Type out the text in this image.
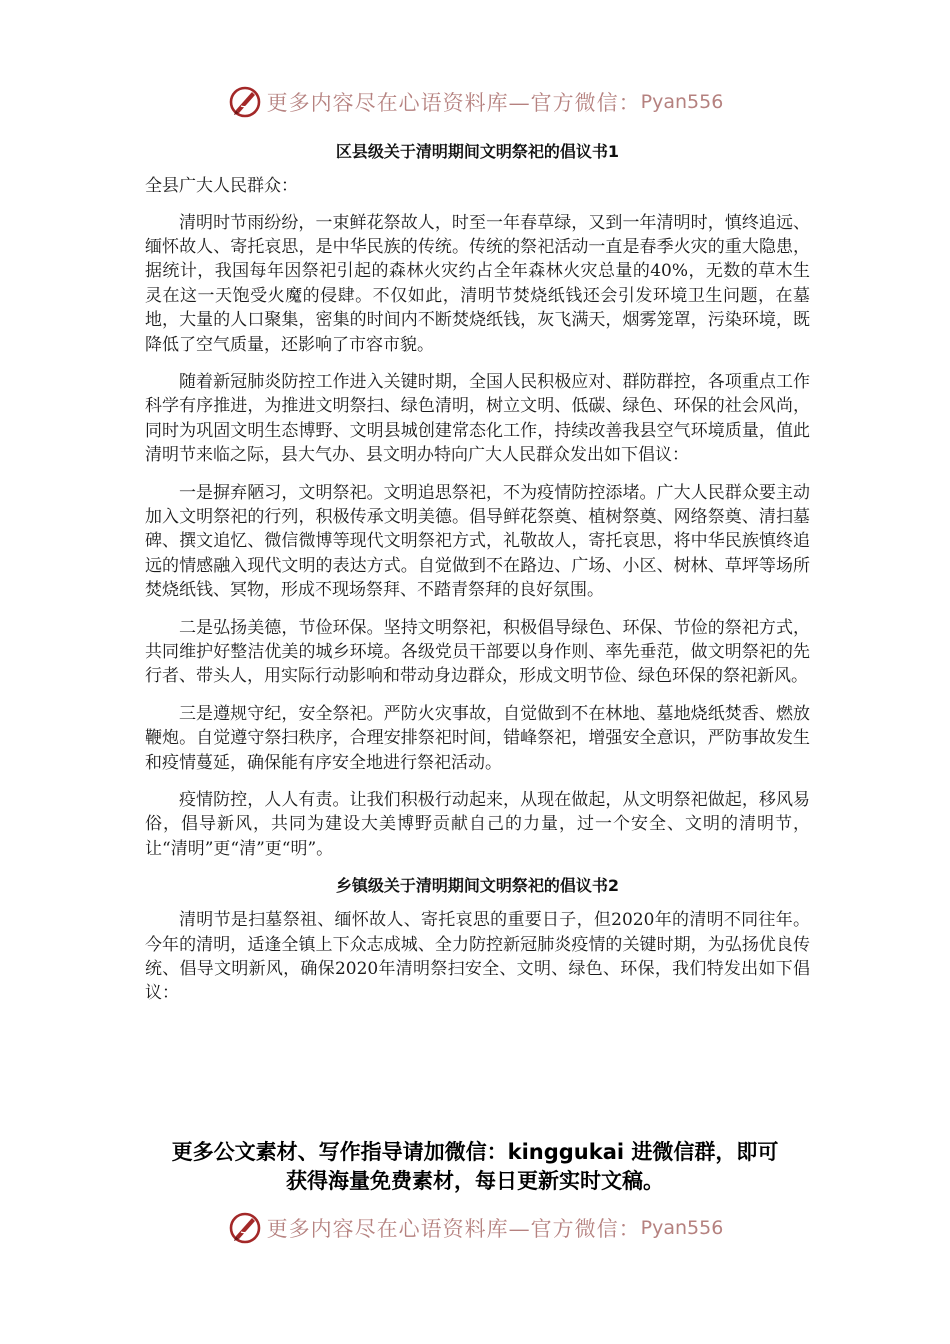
更多内容尽在心语资料库—官方微信： Pyan556
区县级关于清明期间文明祭祀的倡议书1

全县广大人民群众：

清明时节雨纷纷，一束鲜花祭故人，时至一年春草绿，又到一年清明时，慎终追远、缅怀故人、寄托哀思，是中华民族的传统。传统的祭祀活动一直是春季火灾的重大隐患，据统计，我国每年因祭祀引起的森林火灾约占全年森林火灾总量的40%，无数的草木生灵在这一天饱受火魔的侵肆。不仅如此，清明节焚烧纸钱还会引发环境卫生问题，在墓地，大量的人口聚集，密集的时间内不断焚烧纸钱，灰飞满天，烟雾笼罩，污染环境，既降低了空气质量，还影响了市容市貌。

随着新冠肺炎防控工作进入关键时期，全国人民积极应对、群防群控，各项重点工作科学有序推进，为推进文明祭扫、绿色清明，树立文明、低碳、绿色、环保的社会风尚，同时为巩固文明生态博野、文明县城创建常态化工作，持续改善我县空气环境质量，值此清明节来临之际，县大气办、县文明办特向广大人民群众发出如下倡议：

一是摒弃陋习，文明祭祀。文明追思祭祀，不为疫情防控添堵。广大人民群众要主动加入文明祭祀的行列，积极传承文明美德。倡导鲜花祭奠、植树祭奠、网络祭奠、清扫墓碑、撰文追忆、微信微博等现代文明祭祀方式，礼敬故人，寄托哀思，将中华民族慎终追远的情感融入现代文明的表达方式。自觉做到不在路边、广场、小区、树林、草坪等场所焚烧纸钱、冥物，形成不现场祭拜、不踏青祭拜的良好氛围。

二是弘扬美德，节俭环保。坚持文明祭祀，积极倡导绿色、环保、节俭的祭祀方式，共同维护好整洁优美的城乡环境。各级党员干部要以身作则、率先垂范，做文明祭祀的先行者、带头人，用实际行动影响和带动身边群众，形成文明节俭、绿色环保的祭祀新风。

三是遵规守纪，安全祭祀。严防火灾事故，自觉做到不在林地、墓地烧纸焚香、燃放鞭炮。自觉遵守祭扫秩序，合理安排祭祀时间，错峰祭祀，增强安全意识，严防事故发生和疫情蔓延，确保能有序安全地进行祭祀活动。

疫情防控，人人有责。让我们积极行动起来，从现在做起，从文明祭祀做起，移风易俗，倡导新风，共同为建设大美博野贡献自己的力量，过一个安全、文明的清明节，让“清明”更“清”更“明”。

乡镇级关于清明期间文明祭祀的倡议书2

清明节是扫墓祭祖、缅怀故人、寄托哀思的重要日子，但2020年的清明不同往年。今年的清明，适逢全镇上下众志成城、全力防控新冠肺炎疫情的关键时期，为弘扬优良传统、倡导文明新风，确保2020年清明祭扫安全、文明、绿色、环保，我们特发出如下倡议：

更多公文素材、写作指导请加微信：kinggukai 进微信群，即可
获得海量免费素材，每日更新实时文稿。
更多内容尽在心语资料库—官方微信： Pyan556
